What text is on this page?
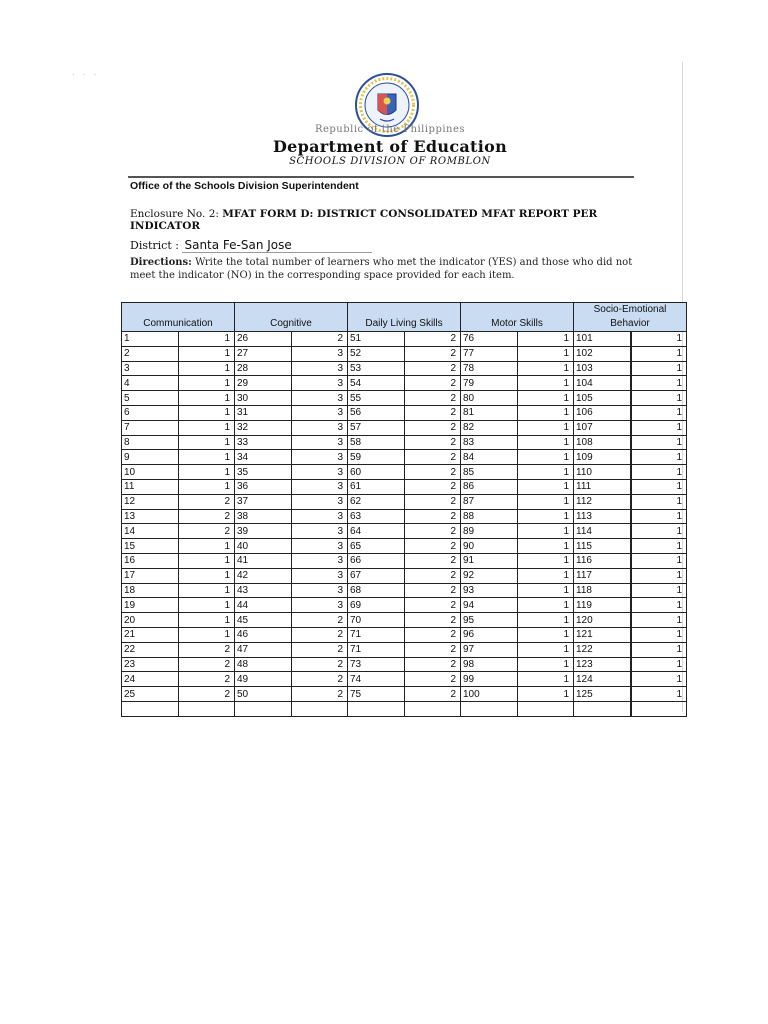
· · ·
Republic of the Philippines
Department of Education
SCHOOLS DIVISION OF ROMBLON
Office of the Schools Division Superintendent
Enclosure No. 2: MFAT FORM D: DISTRICT CONSOLIDATED MFAT REPORT PER INDICATOR
District : Santa Fe-San Jose
Directions: Write the total number of learners who met the indicator (YES) and those who did not meet the indicator (NO) in the corresponding space provided for each item.
Communication		Cognitive		Daily Living Skills		Motor Skills		Socio-Emotional Behavior	
1	1	26	2	51	2	76	1	101	1
2	1	27	3	52	2	77	1	102	1
3	1	28	3	53	2	78	1	103	1
4	1	29	3	54	2	79	1	104	1
5	1	30	3	55	2	80	1	105	1
6	1	31	3	56	2	81	1	106	1
7	1	32	3	57	2	82	1	107	1
8	1	33	3	58	2	83	1	108	1
9	1	34	3	59	2	84	1	109	1
10	1	35	3	60	2	85	1	110	1
11	1	36	3	61	2	86	1	111	1
12	2	37	3	62	2	87	1	112	1
13	2	38	3	63	2	88	1	113	1
14	2	39	3	64	2	89	1	114	1
15	1	40	3	65	2	90	1	115	1
16	1	41	3	66	2	91	1	116	1
17	1	42	3	67	2	92	1	117	1
18	1	43	3	68	2	93	1	118	1
19	1	44	3	69	2	94	1	119	1
20	1	45	2	70	2	95	1	120	1
21	1	46	2	71	2	96	1	121	1
22	2	47	2	71	2	97	1	122	1
23	2	48	2	73	2	98	1	123	1
24	2	49	2	74	2	99	1	124	1
25	2	50	2	75	2	100	1	125	1
